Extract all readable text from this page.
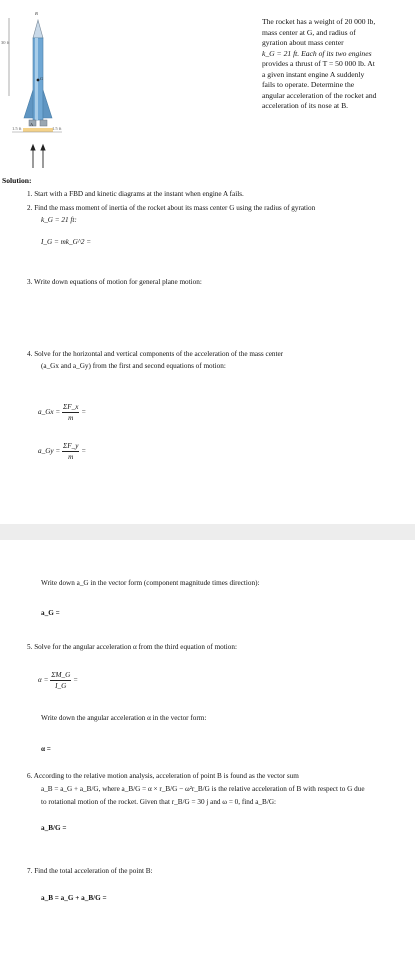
B
G
30 ft
A
1.5 ft	1.5 ft
The rocket has a weight of 20 000 lb,
mass center at G, and radius of
gyration about mass center
k_G = 21 ft. Each of its two engines
provides a thrust of T = 50 000 lb. At
a given instant engine A suddenly
fails to operate. Determine the
angular acceleration of the rocket and
acceleration of its nose at B.
Solution:
1. Start with a FBD and kinetic diagrams at the instant when engine A fails.
2. Find the mass moment of inertia of the rocket about its mass center G using the radius of gyration
k_G = 21 ft:
I_G = mk_G^2 =
3. Write down equations of motion for general plane motion:
4. Solve for the horizontal and vertical components of the acceleration of the mass center
(a_Gx and a_Gy) from the first and second equations of motion:
a_Gx = $\frac{\Sigma F\_x}{m}$ =
a_Gy = $\frac{\Sigma F\_y}{m}$ =
Write down a_G in the vector form (component magnitude times direction):
a_G =
5. Solve for the angular acceleration α from the third equation of motion:
$\alpha = \frac{\Sigma M\_G}{I\_G}$ =
Write down the angular acceleration α in the vector form:
α =
6. According to the relative motion analysis, acceleration of point B is found as the vector sum
a_B = a_G + a_B/G, where a_B/G = α × r_B/G − ω²r_B/G is the relative acceleration of B with respect to G due
to rotational motion of the rocket. Given that r_B/G = 30 j and ω = 0, find a_B/G:
a_B/G =
7. Find the total acceleration of the point B:
a_B = a_G + a_B/G =
